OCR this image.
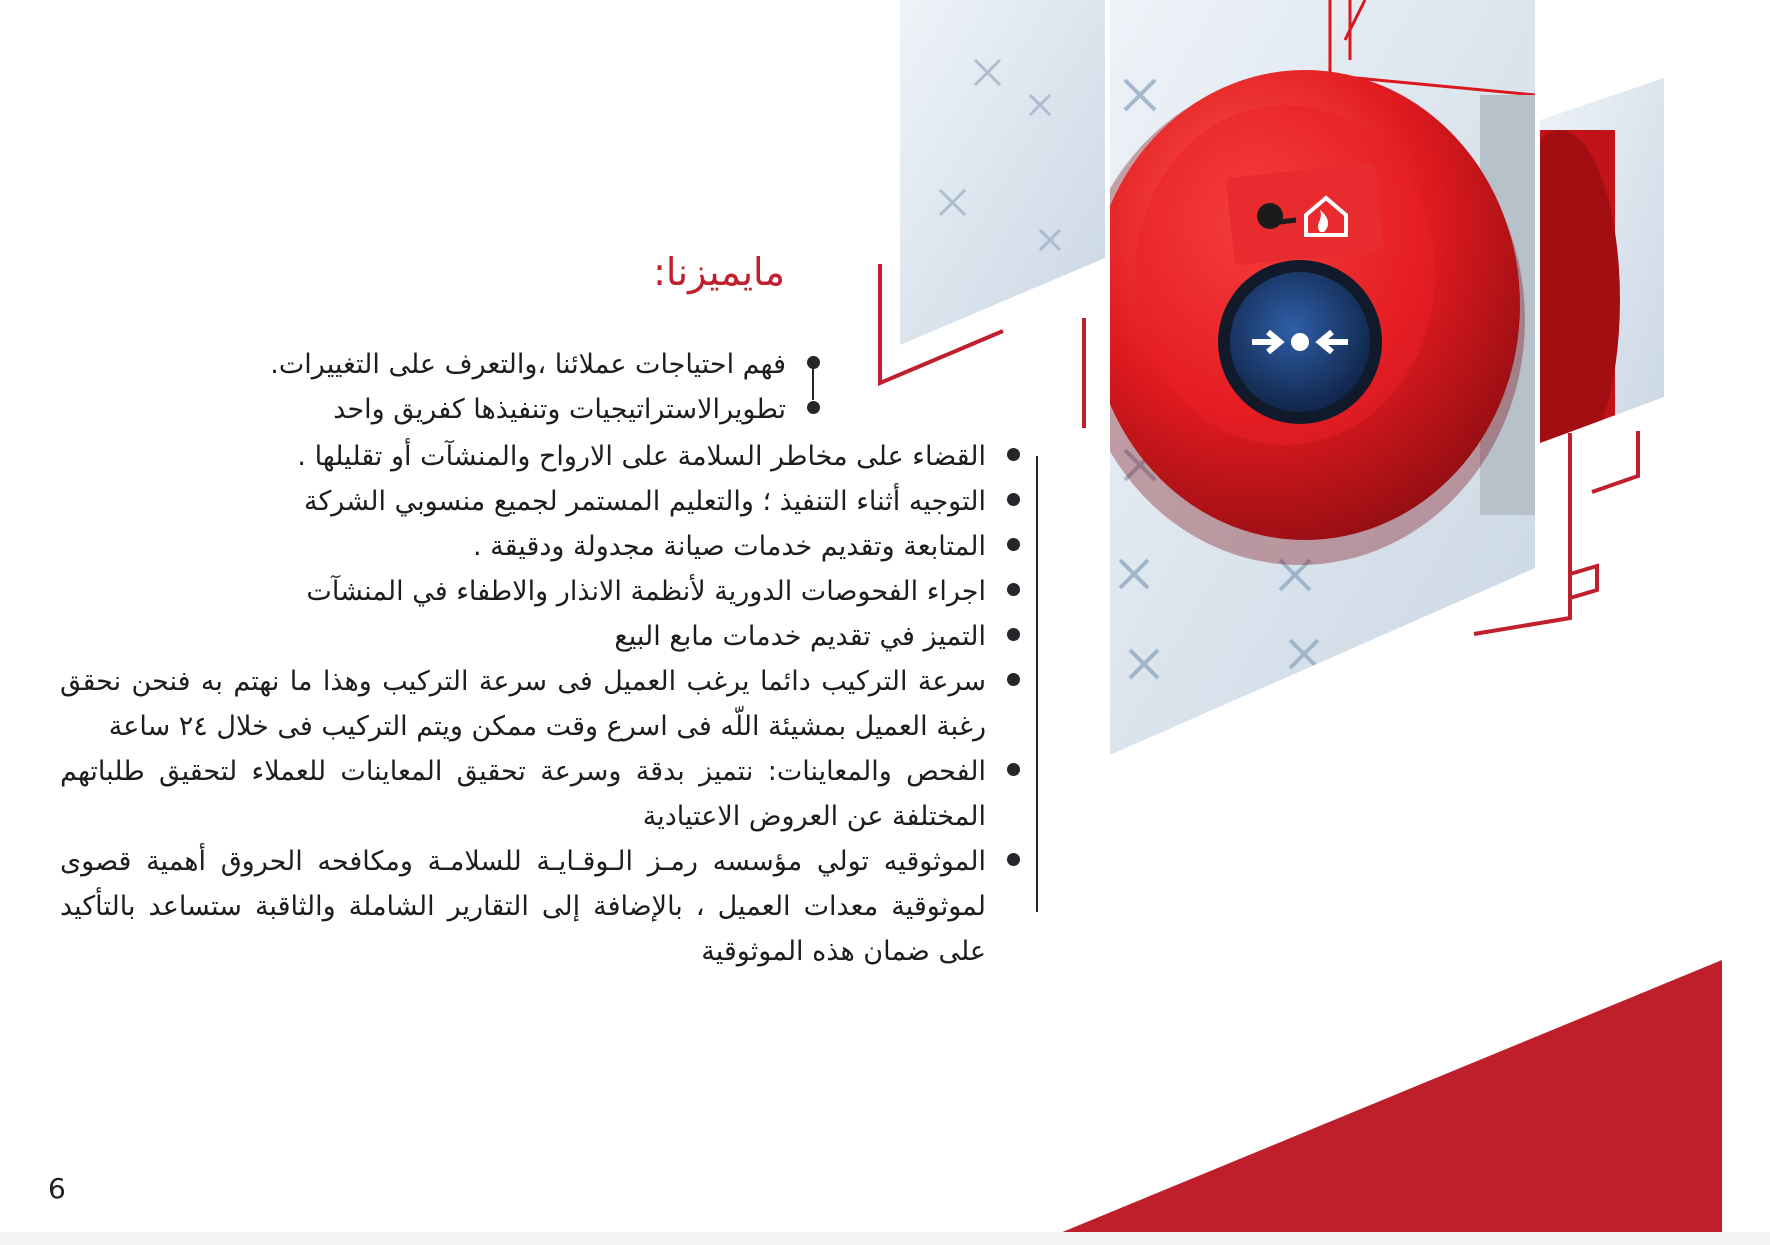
مايميزنا:
فهم احتياجات عملائنا ،والتعرف على التغييرات.
تطويرالاستراتيجيات وتنفيذها كفريق واحد
القضاء على مخاطر السلامة على الارواح والمنشآت أو تقليلها .
التوجيه أثناء التنفيذ ؛ والتعليم المستمر لجميع منسوبي الشركة
المتابعة وتقديم خدمات صيانة مجدولة ودقيقة .
اجراء الفحوصات الدورية لأنظمة الانذار والاطفاء في المنشآت
التميز في تقديم خدمات مابع البيع
سرعة التركيب دائما يرغب العميل فى سرعة التركيب وهذا ما نهتم به فنحن نحقق رغبة العميل بمشيئة اللّه فى اسرع وقت ممكن ويتم التركيب فى خلال ٢٤ ساعة
الفحص والمعاينات: نتميز بدقة وسرعة تحقيق المعاينات للعملاء لتحقيق طلباتهم المختلفة عن العروض الاعتيادية
الموثوقيه تولي مؤسسه رمـز الـوقـايـة للسلامـة ومكافحه الحروق أهمية قصوى لموثوقية معدات العميل ، بالإضافة إلى التقارير الشاملة والثاقبة ستساعد بالتأكيد على ضمان هذه الموثوقية
6
